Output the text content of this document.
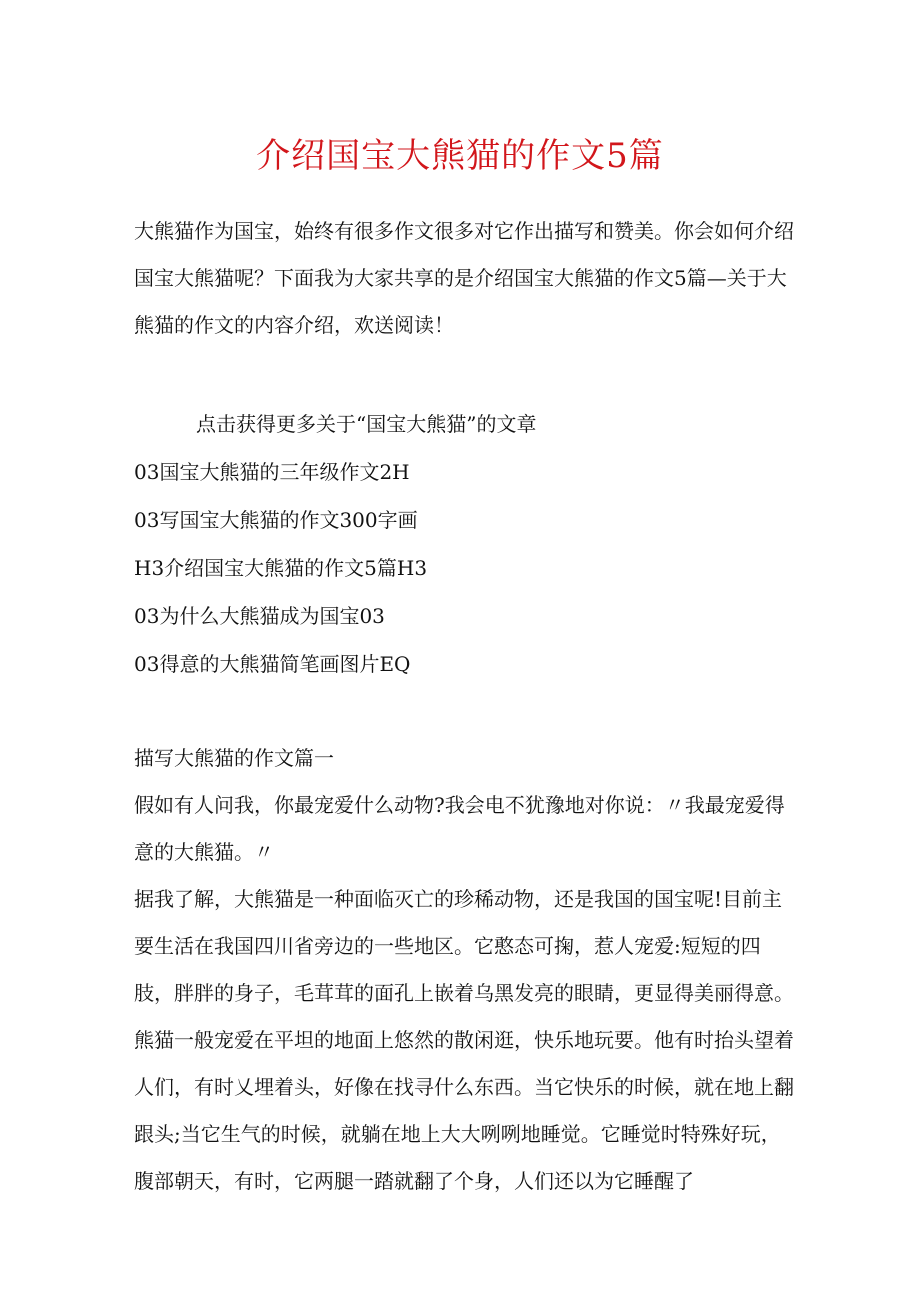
介绍国宝大熊猫的作文5篇

大熊猫作为国宝，始终有很多作文很多对它作出描写和赞美。你会如何介绍国宝大熊猫呢？下面我为大家共享的是介绍国宝大熊猫的作文5篇—关于大熊猫的作文的内容介绍，欢送阅读！

点击获得更多关于“国宝大熊猫”的文章
03国宝大熊猫的三年级作文2H
03写国宝大熊猫的作文300字画
H3介绍国宝大熊猫的作文5篇H3
03为什么大熊猫成为国宝03
03得意的大熊猫简笔画图片EQ

描写大熊猫的作文篇一

假如有人问我，你最宠爱什么动物?我会电不犹豫地对你说：〃我最宠爱得意的大熊猫。〃

据我了解，大熊猫是一种面临灭亡的珍稀动物，还是我国的国宝呢!目前主要生活在我国四川省旁边的一些地区。它憨态可掬，惹人宠爱:短短的四肢，胖胖的身子，毛茸茸的面孔上嵌着乌黑发亮的眼睛，更显得美丽得意。

熊猫一般宠爱在平坦的地面上悠然的散闲逛，快乐地玩要。他有时抬头望着人们，有时乂埋着头，好像在找寻什么东西。当它快乐的时候，就在地上翻跟头;当它生气的时候，就躺在地上大大咧咧地睡觉。它睡觉时特殊好玩，腹部朝天，有时，它两腿一踏就翻了个身，人们还以为它睡醒了
